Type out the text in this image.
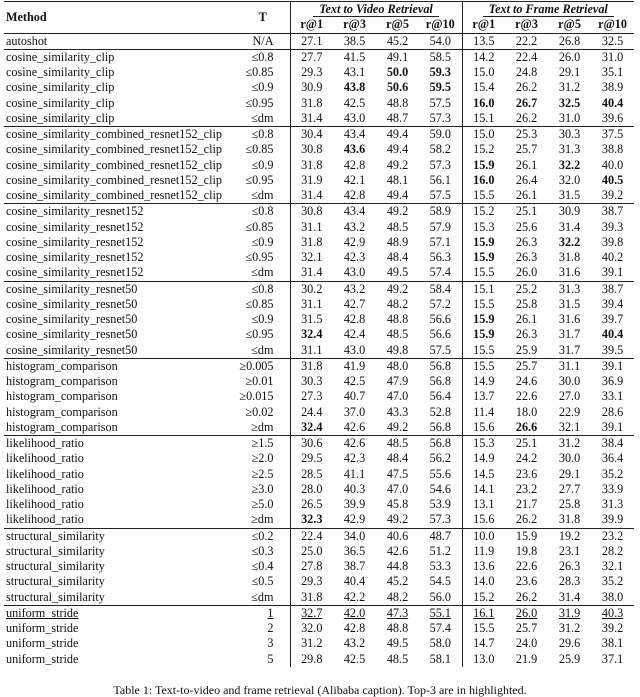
Method	T	Text to Video Retrieval				Text to Frame Retrieval			
		r@1	r@3	r@5	r@10	r@1	r@3	r@5	r@10
autoshot	N/A	27.1	38.5	45.2	54.0	13.5	22.2	26.8	32.5
cosine_similarity_clip	≤0.8	27.7	41.5	49.1	58.5	14.2	22.4	26.0	31.0
cosine_similarity_clip	≤0.85	29.3	43.1	50.0	59.3	15.0	24.8	29.1	35.1
cosine_similarity_clip	≤0.9	30.9	43.8	50.6	59.5	15.4	26.2	31.2	38.9
cosine_similarity_clip	≤0.95	31.8	42.5	48.8	57.5	16.0	26.7	32.5	40.4
cosine_similarity_clip	≤dm	31.4	43.0	48.7	57.3	15.1	26.2	31.0	39.6
cosine_similarity_combined_resnet152_clip	≤0.8	30.4	43.4	49.4	59.0	15.0	25.3	30.3	37.5
cosine_similarity_combined_resnet152_clip	≤0.85	30.8	43.6	49.4	58.2	15.2	25.7	31.3	38.8
cosine_similarity_combined_resnet152_clip	≤0.9	31.8	42.8	49.2	57.3	15.9	26.1	32.2	40.0
cosine_similarity_combined_resnet152_clip	≤0.95	31.9	42.1	48.1	56.1	16.0	26.4	32.0	40.5
cosine_similarity_combined_resnet152_clip	≤dm	31.4	42.8	49.4	57.5	15.5	26.1	31.5	39.2
cosine_similarity_resnet152	≤0.8	30.8	43.4	49.2	58.9	15.2	25.1	30.9	38.7
cosine_similarity_resnet152	≤0.85	31.1	43.2	48.5	57.9	15.3	25.6	31.4	39.3
cosine_similarity_resnet152	≤0.9	31.8	42.9	48.9	57.1	15.9	26.3	32.2	39.8
cosine_similarity_resnet152	≤0.95	32.1	42.3	48.4	56.3	15.9	26.3	31.8	40.2
cosine_similarity_resnet152	≤dm	31.4	43.0	49.5	57.4	15.5	26.0	31.6	39.1
cosine_similarity_resnet50	≤0.8	30.2	43.2	49.2	58.4	15.1	25.2	31.3	38.7
cosine_similarity_resnet50	≤0.85	31.1	42.7	48.2	57.2	15.5	25.8	31.5	39.4
cosine_similarity_resnet50	≤0.9	31.5	42.8	48.8	56.6	15.9	26.1	31.6	39.7
cosine_similarity_resnet50	≤0.95	32.4	42.4	48.5	56.6	15.9	26.3	31.7	40.4
cosine_similarity_resnet50	≤dm	31.1	43.0	49.8	57.5	15.5	25.9	31.7	39.5
histogram_comparison	≥0.005	31.8	41.9	48.0	56.8	15.5	25.7	31.1	39.1
histogram_comparison	≥0.01	30.3	42.5	47.9	56.8	14.9	24.6	30.0	36.9
histogram_comparison	≥0.015	27.3	40.7	47.0	56.4	13.7	22.6	27.0	33.1
histogram_comparison	≥0.02	24.4	37.0	43.3	52.8	11.4	18.0	22.9	28.6
histogram_comparison	≥dm	32.4	42.6	49.2	56.8	15.6	26.6	32.1	39.1
likelihood_ratio	≥1.5	30.6	42.6	48.5	56.8	15.3	25.1	31.2	38.4
likelihood_ratio	≥2.0	29.5	42.3	48.4	56.2	14.9	24.2	30.0	36.4
likelihood_ratio	≥2.5	28.5	41.1	47.5	55.6	14.5	23.6	29.1	35.2
likelihood_ratio	≥3.0	28.0	40.3	47.0	54.6	14.1	23.2	27.7	33.9
likelihood_ratio	≥5.0	26.5	39.9	45.8	53.9	13.1	21.7	25.8	31.3
likelihood_ratio	≥dm	32.3	42.9	49.2	57.3	15.6	26.2	31.8	39.9
structural_similarity	≤0.2	22.4	34.0	40.6	48.7	10.0	15.9	19.2	23.2
structural_similarity	≤0.3	25.0	36.5	42.6	51.2	11.9	19.8	23.1	28.2
structural_similarity	≤0.4	27.8	38.7	44.8	53.3	13.6	22.6	26.3	32.1
structural_similarity	≤0.5	29.3	40.4	45.2	54.5	14.0	23.6	28.3	35.2
structural_similarity	≤dm	31.8	42.2	48.2	56.0	15.2	26.2	31.4	38.0
uniform_stride	1	32.7	42.0	47.3	55.1	16.1	26.0	31.9	40.3
uniform_stride	2	32.0	42.8	48.8	57.4	15.5	25.7	31.2	39.2
uniform_stride	3	31.2	43.2	49.5	58.0	14.7	24.0	29.6	38.1
uniform_stride	5	29.8	42.5	48.5	58.1	13.0	21.9	25.9	37.1
Table 1: Text-to-video and frame retrieval (Alibaba caption). Top-3 are in highlighted.
